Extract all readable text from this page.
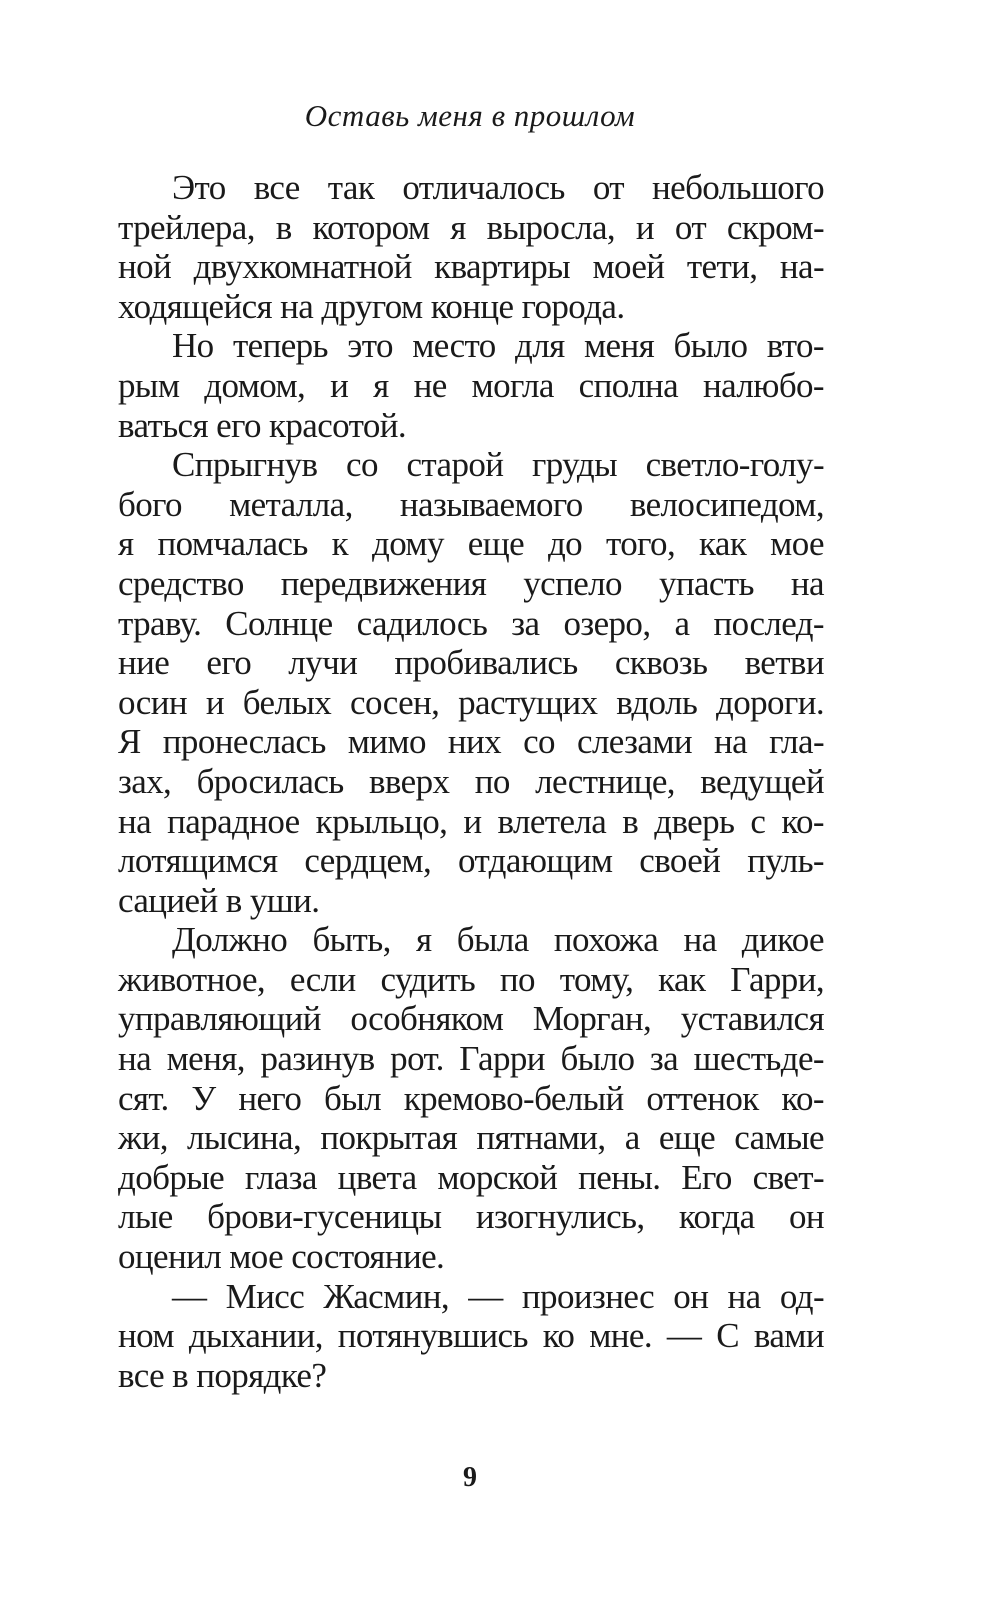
Оставь меня в прошлом
Это все так отличалось от небольшого
трейлера, в котором я выросла, и от скром-
ной двухкомнатной квартиры моей тети, на-
ходящейся на другом конце города.
Но теперь это место для меня было вто-
рым домом, и я не могла сполна налюбо-
ваться его красотой.
Спрыгнув со старой груды светло-голу-
бого металла, называемого велосипедом,
я помчалась к дому еще до того, как мое
средство передвижения успело упасть на
траву. Солнце садилось за озеро, а послед-
ние его лучи пробивались сквозь ветви
осин и белых сосен, растущих вдоль дороги.
Я пронеслась мимо них со слезами на гла-
зах, бросилась вверх по лестнице, ведущей
на парадное крыльцо, и влетела в дверь с ко-
лотящимся сердцем, отдающим своей пуль-
сацией в уши.
Должно быть, я была похожа на дикое
животное, если судить по тому, как Гарри,
управляющий особняком Морган, уставился
на меня, разинув рот. Гарри было за шестьде-
сят. У него был кремово-белый оттенок ко-
жи, лысина, покрытая пятнами, а еще самые
добрые глаза цвета морской пены. Его свет-
лые брови-гусеницы изогнулись, когда он
оценил мое состояние.
— Мисс Жасмин, — произнес он на од-
ном дыхании, потянувшись ко мне. — С вами
все в порядке?
9
